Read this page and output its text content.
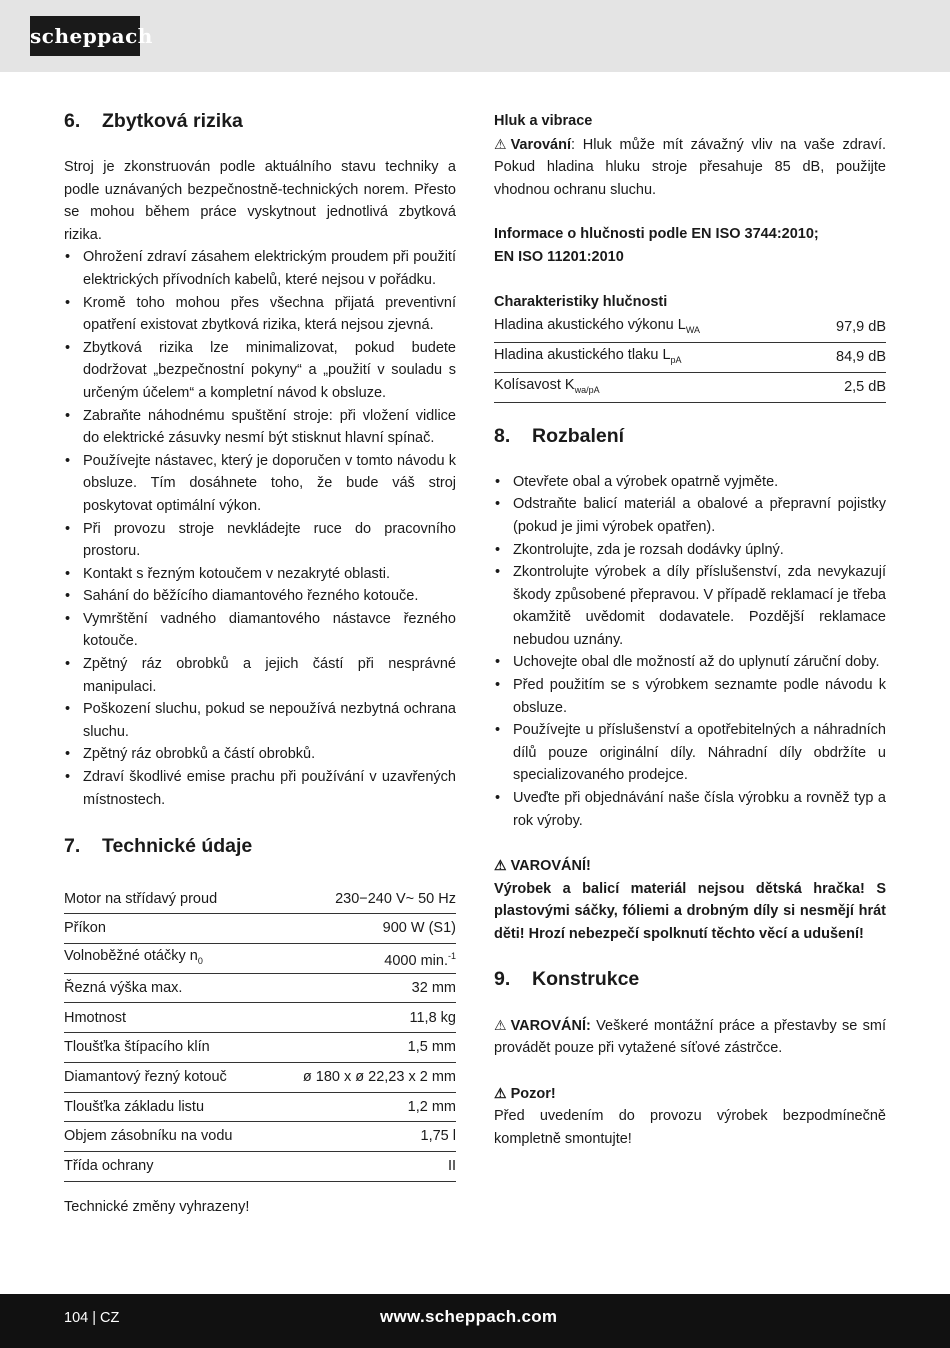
scheppach
6.	Zbytková rizika

Stroj je zkonstruován podle aktuálního stavu techniky a podle uznávaných bezpečnostně-technických norem. Přesto se mohou během práce vyskytnout jednotlivá zbytková rizika.

• Ohrožení zdraví zásahem elektrickým proudem při použití elektrických přívodních kabelů, které nejsou v pořádku.
• Kromě toho mohou přes všechna přijatá preventivní opatření existovat zbytková rizika, která nejsou zjevná.
• Zbytková rizika lze minimalizovat, pokud budete dodržovat „bezpečnostní pokyny“ a „použití v souladu s určeným účelem“ a kompletní návod k obsluze.
• Zabraňte náhodnému spuštění stroje: při vložení vidlice do elektrické zásuvky nesmí být stisknut hlavní spínač.
• Používejte nástavec, který je doporučen v tomto návodu k obsluze. Tím dosáhnete toho, že bude váš stroj poskytovat optimální výkon.
• Při provozu stroje nevkládejte ruce do pracovního prostoru.
• Kontakt s řezným kotoučem v nezakryté oblasti.
• Sahání do běžícího diamantového řezného kotouče.
• Vymrštění vadného diamantového nástavce řezného kotouče.
• Zpětný ráz obrobků a jejich částí při nesprávné manipulaci.
• Poškození sluchu, pokud se nepoužívá nezbytná ochrana sluchu.
• Zpětný ráz obrobků a částí obrobků.
• Zdraví škodlivé emise prachu při používání v uzavřených místnostech.
7.	Technické údaje
Motor na střídavý proud	230−240 V~ 50 Hz
Příkon	900 W (S1)
Volnoběžné otáčky $n_0$	4000 min.$^{-1}$
Řezná výška max.	32 mm
Hmotnost	11,8 kg
Tloušťka štípacího klín	1,5 mm
Diamantový řezný kotouč	ø 180 x ø 22,23 x 2 mm
Tloušťka základu listu	1,2 mm
Objem zásobníku na vodu	1,75 l
Třída ochrany	II

Technické změny vyhrazeny!

Hluk a vibrace

⚠ Varování: Hluk může mít závažný vliv na vaše zdraví. Pokud hladina hluku stroje přesahuje 85 dB, použijte vhodnou ochranu sluchu.

Informace o hlučnosti podle EN ISO 3744:2010;

EN ISO 11201:2010

Charakteristiky hlučnosti

Hladina akustického výkonu $L_{WA}$	97,9 dB
Hladina akustického tlaku $L_{pA}$	84,9 dB
Kolísavost $K_{wa/pA}$	2,5 dB
8.	Rozbalení
• Otevřete obal a výrobek opatrně vyjměte.
• Odstraňte balicí materiál a obalové a přepravní pojistky (pokud je jimi výrobek opatřen).
• Zkontrolujte, zda je rozsah dodávky úplný.
• Zkontrolujte výrobek a díly příslušenství, zda nevykazují škody způsobené přepravou. V případě reklamací je třeba okamžitě uvědomit dodavatele. Pozdější reklamace nebudou uznány.
• Uchovejte obal dle možností až do uplynutí záruční doby.
• Před použitím se s výrobkem seznamte podle návodu k obsluze.
• Používejte u příslušenství a opotřebitelných a náhradních dílů pouze originální díly. Náhradní díly obdržíte u specializovaného prodejce.
• Uveďte při objednávání naše čísla výrobku a rovněž typ a rok výroby.

⚠ VAROVÁNÍ!

Výrobek a balicí materiál nejsou dětská hračka! S plastovými sáčky, fóliemi a drobným díly si nesmějí hrát děti! Hrozí nebezpečí spolknutí těchto věcí a udušení!

9.	Konstrukce

⚠ VAROVÁNÍ: Veškeré montážní práce a přestavby se smí provádět pouze při vytažené síťové zástrčce.

⚠ Pozor!

Před uvedením do provozu výrobek bezpodmínečně kompletně smontujte!

104 | CZ	www.scheppach.com
